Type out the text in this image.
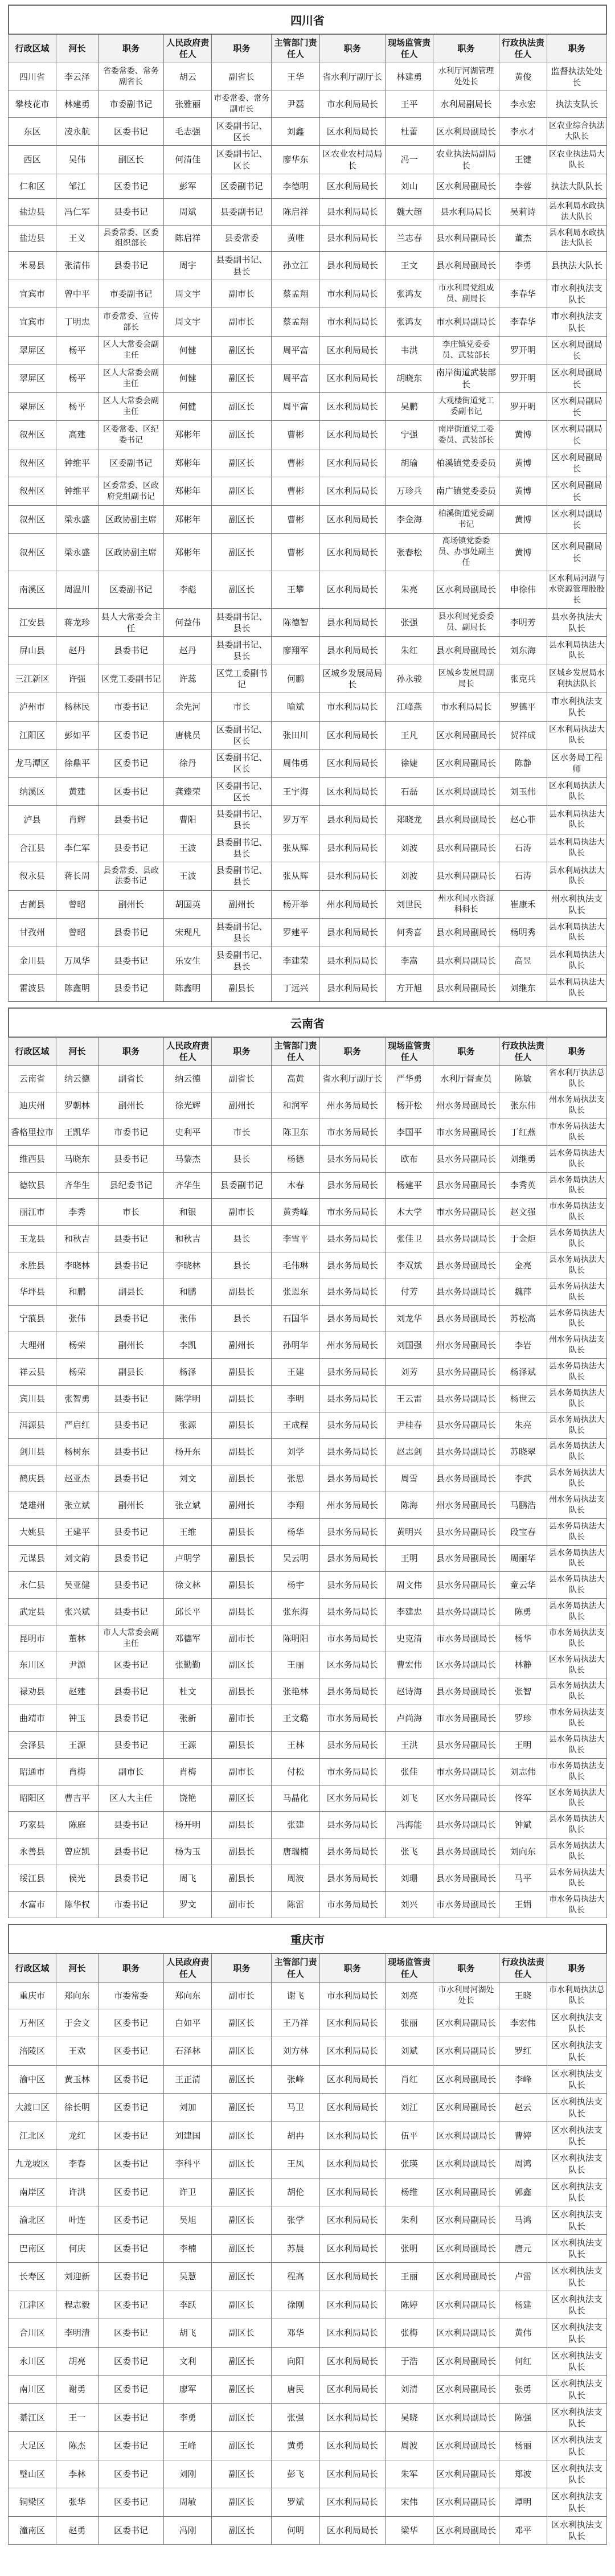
四川省
行政区域	河长	职务	人民政府责任人	职务	主管部门责任人	职务	现场监管责任人	职务	行政执法责任人	职务
四川省	李云泽	省委常委、常务副省长	胡云	副省长	王华	省水利厅副厅长	林建勇	水利厅河湖管理处处长	黄俊	监督执法处处长
攀枝花市	林建勇	市委副书记	张雅丽	市委常委、常务副市长	尹磊	市水利局局长	王平	水利局副局长	李永宏	执法支队长
东区	凌永航	区委书记	毛志强	区委副书记、区长	刘鑫	区水利局局长	杜蕾	区水利局副局长	李水才	区农业综合执法大队长
西区	吴伟	副区长	何清佳	区委副书记、区长	廖华东	区农业农村局局长	冯一	农业执法局副局长	王键	区农业执法局大队长
仁和区	邹江	区委书记	彭军	区委副书记	李德明	区水利局局长	刘山	区水利局副局长	李蓉	执法大队队长
盐边县	冯仁军	县委书记	周斌	县委副书记	陈启祥	县水利局局长	魏大超	县水利局局长	吴莉诗	县水利局水政执法大队长
盐边县	王义	县委常委、区委组织部长	陈启祥	县委常委	黄唯	县水利局局长	兰志春	县水利局副局长	董杰	县水利局水政执法大队长
米易县	张清伟	县委书记	周宇	县委副书记、县长	孙立江	县水利局局长	王文	县水利局副局长	李勇	县执法大队长
宜宾市	曾中平	市委副书记	周文宇	副市长	蔡孟翔	市水利局局长	张鸿友	市水利局党组成员、副局长	李春华	市水利执法支队长
宜宾市	丁明忠	市委常委、宣传部长	周文宇	副市长	蔡孟翔	市水利局局长	张鸿友	市水利局副局长	李春华	市水利执法支队长
翠屏区	杨平	区人大常委会副主任	何健	副区长	周平富	区水利局局长	韦洪	李庄镇党委委员、武装部长	罗开明	区水利局副局长
翠屏区	杨平	区人大常委会副主任	何健	副区长	周平富	区水利局局长	胡晓东	南岸街道武装部长	罗开明	区水利局副局长
翠屏区	杨平	区人大常委会副主任	何健	副区长	周平富	区水利局局长	吴鹏	大观楼街道党工委副书记	罗开明	区水利局副局长
叙州区	高建	区委常委、区纪委书记	郑彬年	副区长	曹彬	区水利局局长	宁强	南岸街道党工委委员、武装部长	黄博	区水利局副局长
叙州区	钟维平	区委副书记	郑彬年	副区长	曹彬	区水利局局长	胡瑜	柏溪镇党委委员	黄博	区水利局副局长
叙州区	钟维平	区委常委、区政府党组副书记	郑彬年	副区长	曹彬	区水利局局长	万珍兵	南广镇党委委员	黄博	区水利局副局长
叙州区	梁永盛	区政协副主席	郑彬年	副区长	曹彬	区水利局局长	李金海	柏溪街道党委副书记	黄博	区水利局副局长
叙州区	梁永盛	区政协副主席	郑彬年	副区长	曹彬	区水利局局长	张春松	高场镇党委委员、办事处副主任	黄博	区水利局副局长
南溪区	周温川	区委副书记	李彪	副区长	王攀	区水利局局长	朱亮	区水利局副局长	申徐伟	区水利局河湖与水资源管理股股长
江安县	蒋龙珍	县人大常委会主任	何益伟	县委副书记、县长	陈德智	县水利局局长	张强	县水利局党委委员、副局长	李明芳	县水务执法大队长
屏山县	赵丹	县委书记	赵丹	县委副书记、县长	廖翔军	县水利局局长	朱红	县水利局副局长	刘东海	县水利局执法大队长
三江新区	许强	区党工委副书记	许蕊	区党工委副书记	何鹏	区城乡发展局局长	孙永骏	区城乡发展局副局长	张克兵	区城乡发展局水利执法队长
泸州市	杨林民	市委书记	余先河	市长	喻斌	市水利局局长	江峰燕	市水利局局长	罗德平	市水利执法支队长
江阳区	彭如平	区委书记	唐桃员	区委副书记、区长	张田川	区水利局局长	王凡	区水利局副局长	贺祥成	区水利局执法大队长
龙马潭区	徐鼎平	区委书记	徐丹	区委副书记、区长	周伟勇	区水利局局长	徐婕	区水利局副局长	陈静	区水务局工程师
纳溪区	黄建	区委书记	龚臻荣	区委副书记、区长	王宇海	区水利局局长	石磊	区水利局副局长	刘玉伟	区水利局执法大队长
泸县	肖辉	县委书记	曹阳	县委副书记、县长	罗万军	县水利局局长	郑晓龙	县水利局副局长	赵心菲	县水利局执法大队长
合江县	李仁军	县委书记	王波	县委副书记、县长	张从辉	县水利局局长	刘波	县水利局副局长	石涛	县水利局执法大队长
叙永县	蒋长周	县委常委、县政法委书记	王波	县委副书记、县长	张从辉	县水利局局长	刘波	县水利局副局长	石涛	县水利局执法大队长
古蔺县	曾昭	副州长	胡国英	副州长	杨开举	州水利局局长	刘世民	州水利局水资源科科长	崔康禾	州水利执法支队长
甘孜州	曾昭	县委书记	宋现凡	县委副书记、县长	罗建平	县水利局局长	何秀喜	县水利局副局长	杨明秀	县水利局执法大队长
金川县	万凤华	县委书记	乐安生	县委副书记、县长	李建荣	县水利局局长	李嵩	县水利局副局长	高昱	县水利局执法大队长
雷波县	陈鑫明	县委书记	陈鑫明	副县长	丁远兴	县水利局局长	方开旭	县水利局副局长	刘继东	县水利局执法大队长
云南省
行政区域	河长	职务	人民政府责任人	职务	主管部门责任人	职务	现场监管责任人	职务	行政执法责任人	职务
云南省	纳云德	副省长	纳云德	副省长	高黄	省水利厅副厅长	严华勇	水利厅督查员	陈敏	省水利厅执法总队长
迪庆州	罗朝林	副州长	徐光辉	副州长	和润军	州水务局局长	杨开松	州水务局副局长	张东伟	州水务局执法支队长
香格里拉市	王凯华	市委书记	史利平	市长	陈卫东	市水务局局长	李国平	市水务局副局长	丁红燕	市水务局执法大队长
维西县	马晓东	县委书记	马黎杰	县长	杨德	县水务局局长	欧布	县水务局副局长	刘继勇	县水务局执法大队长
德钦县	齐华生	县纪委书记	齐华生	县委副书记	木春	县水务局局长	杨建平	县水务局副局长	李秀英	县水务局执法大队长
丽江市	李秀	市长	和银	副市长	黄秀峰	市水务局局长	木大学	市水务局副局长	赵文强	市水务局执法支队长
玉龙县	和秋吉	县委书记	和秋吉	县长	李雪平	县水务局局长	张佳卫	县水务局副局长	于金炬	县水务局执法大队长
永胜县	李晓林	县委书记	李晓林	县长	毛伟琳	县水务局局长	李双斌	县水务局副局长	金亮	县水务局执法大队长
华坪县	和鹏	副县长	和鹏	副县长	张恩东	县水务局局长	付芳	县水务局副局长	魏萍	县水务局执法大队长
宁蒗县	张伟	县委书记	张伟	县长	石国华	县水务局局长	刘龙华	县水务局副局长	苏松高	县水务局执法大队长
大理州	杨荣	副州长	李凯	副州长	孙明华	州水务局局长	刘国强	州水务局副局长	李岩	州水务局执法支队长
祥云县	杨荣	副县长	杨泽	副县长	王建	县水务局局长	刘芳	县水务局副局长	杨泽斌	县水务局执法大队长
宾川县	张智勇	县委书记	陈学明	副县长	李明	县水务局局长	王云雷	县水务局副局长	杨世云	县水务局执法大队长
洱源县	严启红	县委书记	张源	副县长	王成程	县水务局局长	尹桂春	县水务局副局长	朱亮	县水务局执法大队长
剑川县	杨树东	县委书记	杨开东	副县长	刘学	县水务局局长	赵志剑	县水务局副局长	苏晓翠	县水务局执法大队长
鹤庆县	赵亚杰	县委书记	刘文	副县长	张思	县水务局局长	周雪	县水务局副局长	李武	县水务局执法大队长
楚雄州	张立斌	副州长	张立斌	副州长	李翔	州水务局局长	陈海	州水务局副局长	马鹏浩	州水务局执法支队长
大姚县	王建平	县委书记	王维	副县长	杨华	县水务局局长	黄明兴	县水务局副局长	段宝春	县水务局执法大队长
元谋县	刘文韵	县委书记	卢明学	副县长	吴云明	县水务局局长	王明	县水务局副局长	周丽华	县水务局执法大队长
永仁县	吴亚健	县委书记	徐文林	副县长	杨宇	县水务局局长	周文伟	县水务局副局长	童云华	县水务局执法大队长
武定县	张兴斌	县委书记	邱长平	副县长	张东海	县水务局局长	李建忠	县水务局副局长	陈勇	县水务局执法大队长
昆明市	董林	市人大常委会副主任	邓德军	副市长	陈明阳	市水务局局长	史克清	市水务局副局长	杨华	市水务局执法支队长
东川区	尹源	区委书记	张勤勤	副区长	王丽	区水务局局长	曹宏伟	区水务局副局长	林静	区水务局执法大队长
禄劝县	赵建	县委书记	杜文	副县长	张艳林	县水务局局长	赵诗海	县水务局副局长	张智	县水务局执法大队长
曲靖市	钟玉	县委书记	张新	副市长	王文璐	市水务局局长	卢尚海	市水务局副局长	罗珍	市水务局执法支队长
会泽县	王源	县委书记	王源	副县长	王林	县水务局局长	王洪	县水务局副局长	王明	县水务局执法大队长
昭通市	肖梅	副市长	肖梅	副市长	付松	市水务局局长	张佳	市水务局副局长	刘志伟	市水务局执法支队长
昭阳区	曹吉平	区人大主任	饶艳	副区长	马晶化	区水务局局长	刘飞	区水务局副局长	佟军	区水务局执法大队长
巧家县	陈庭	县委书记	杨开明	副县长	张建	县水务局局长	冯海能	县水务局副局长	钟斌	县水务局执法大队长
永善县	曾应凯	县委书记	杨为玉	副县长	唐瑞楠	县水务局局长	张飞	县水务局副局长	刘向东	县水务局执法大队长
绥江县	侯光	县委书记	周飞	副县长	周波	县水务局局长	刘珊	县水务局副局长	马平	县水务局执法大队长
水富市	陈华权	市委书记	罗文	副市长	陈雷	市水务局局长	刘兴	市水务局副局长	王娟	市水务局执法大队长
重庆市
行政区域	河长	职务	人民政府责任人	职务	主管部门责任人	职务	现场监管责任人	职务	行政执法责任人	职务
重庆市	郑向东	市委常委	郑向东	副市长	谢飞	市水利局局长	刘亮	市水利局河湖处处长	王晓	市水利局执法总队长
万州区	于会文	区委书记	白如平	副区长	王乃祥	区水利局局长	张丽	区水利局副局长	李宏伟	区水利执法支队长
涪陵区	王欢	区委书记	石泽林	副区长	刘方林	区水利局局长	刘斌	区水利局副局长	罗红	区水利执法支队长
渝中区	黄玉林	区委书记	王正清	副区长	张峰	区水利局局长	肖红	区水利局副局长	李峰	区水利执法支队长
大渡口区	徐长明	区委书记	刘加	副区长	马卫	区水利局局长	刘江	区水利局副局长	赵云	区水利执法支队长
江北区	龙红	区委书记	刘建国	副区长	胡冉	区水利局局长	伍平	区水利局副局长	曹婷	区水利执法支队长
九龙坡区	李春	区委书记	李科平	副区长	王凤	区水利局局长	张瑛	区水利局副局长	周鸿	区水利执法支队长
南岸区	许洪	区委书记	许卫	副区长	胡伦	区水利局局长	杨维	区水利局副局长	郭鑫	区水利执法支队长
渝北区	叶连	区委书记	吴旭	副区长	张学	区水利局局长	朱利	区水利局副局长	马鸿	区水利执法支队长
巴南区	何庆	区委书记	李楠	副区长	苏晨	区水利局局长	张明	区水利局副局长	唐元	区水利执法支队长
长寿区	刘迎新	区委书记	吴慧	副区长	程高	区水利局局长	王丽	区水利局副局长	卢雷	区水利执法支队长
江津区	程志毅	区委书记	李跃	副区长	徐刚	区水利局局长	陈婷	区水利局副局长	杨建	区水利执法支队长
合川区	李明清	区委书记	胡飞	副区长	邓华	区水利局局长	张梅	区水利局副局长	黄伟	区水利执法支队长
永川区	胡亮	区委书记	文利	副区长	向阳	区水利局局长	于浩	区水利局副局长	何红	区水利执法支队长
南川区	谢勇	区委书记	廖军	副区长	唐民	区水利局局长	刘清	区水利局副局长	张勇	区水利执法支队长
綦江区	王一	区委书记	李勇	副区长	张强	区水利局局长	吴晓	区水利局副局长	陈强	区水利执法支队长
大足区	陈杰	区委书记	王峰	副区长	黄勇	区水利局局长	周波	区水利局副局长	杨丽	区水利执法支队长
璧山区	李林	区委书记	刘刚	副区长	彭飞	区水利局局长	朱军	区水利局副局长	郑波	区水利执法支队长
铜梁区	张华	区委书记	周敏	副区长	罗斌	区水利局局长	宋伟	区水利局副局长	谭明	区水利执法支队长
潼南区	赵勇	区委书记	冯刚	副区长	何明	区水利局局长	梁华	区水利局副局长	邓平	区水利执法支队长
